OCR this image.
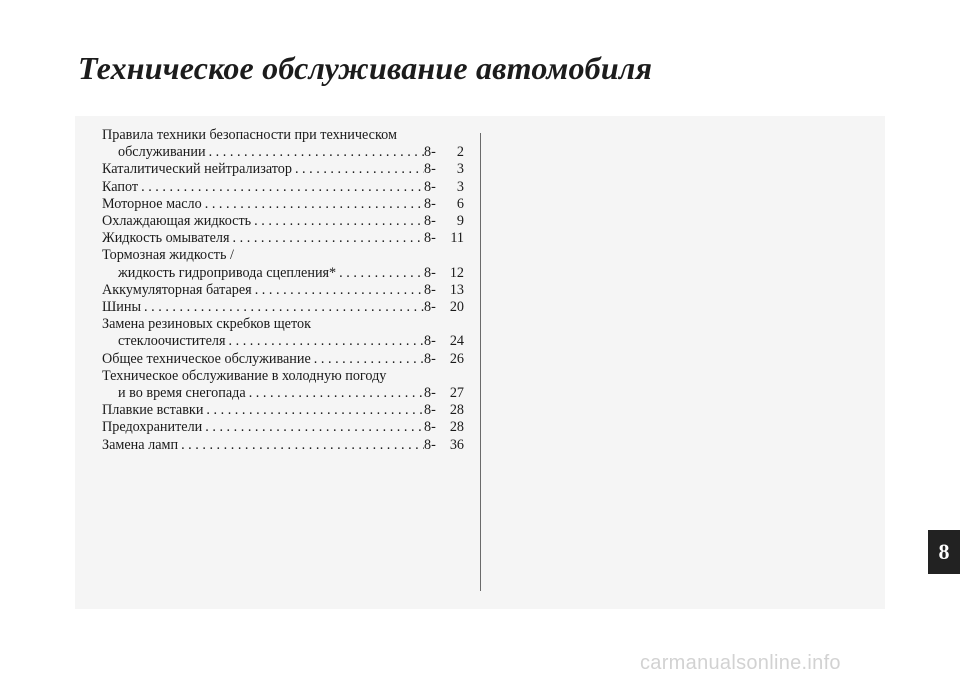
Техническое обслуживание автомобиля
Правила техники безопасности при техническом
обслуживании . . .	8-	2
Каталитический нейтрализатор . . .	8-	3
Капот . . .	8-	3
Моторное масло . . .	8-	6
Охлаждающая жидкость . . .	8-	9
Жидкость омывателя . . .	8-	11
Тормозная жидкость /
жидкость гидропривода сцепления* . . .	8- 12
Аккумуляторная батарея . . .	8- 13
Шины . . .	8- 20
Замена резиновых скребков щеток
стеклоочистителя . . .	8- 24
Общее техническое обслуживание . . .	8- 26
Техническое обслуживание в холодную погоду
и во время снегопада . . .	8- 27
Плавкие вставки . . .	8- 28
Предохранители . . .	8- 28
Замена ламп . . .	8- 36
8
carmanualsonline.info
